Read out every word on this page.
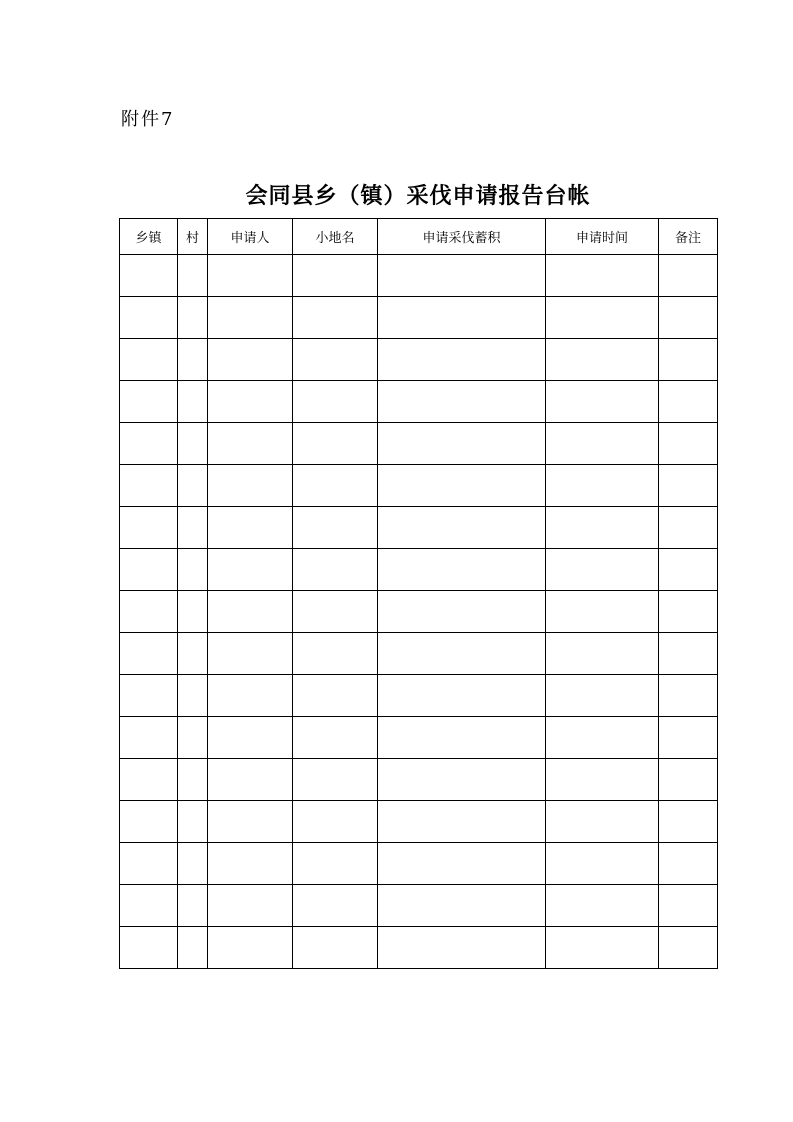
附件7
会同县乡（镇）采伐申请报告台帐
乡镇	村	申请人	小地名	申请采伐蓄积	申请时间	备注
